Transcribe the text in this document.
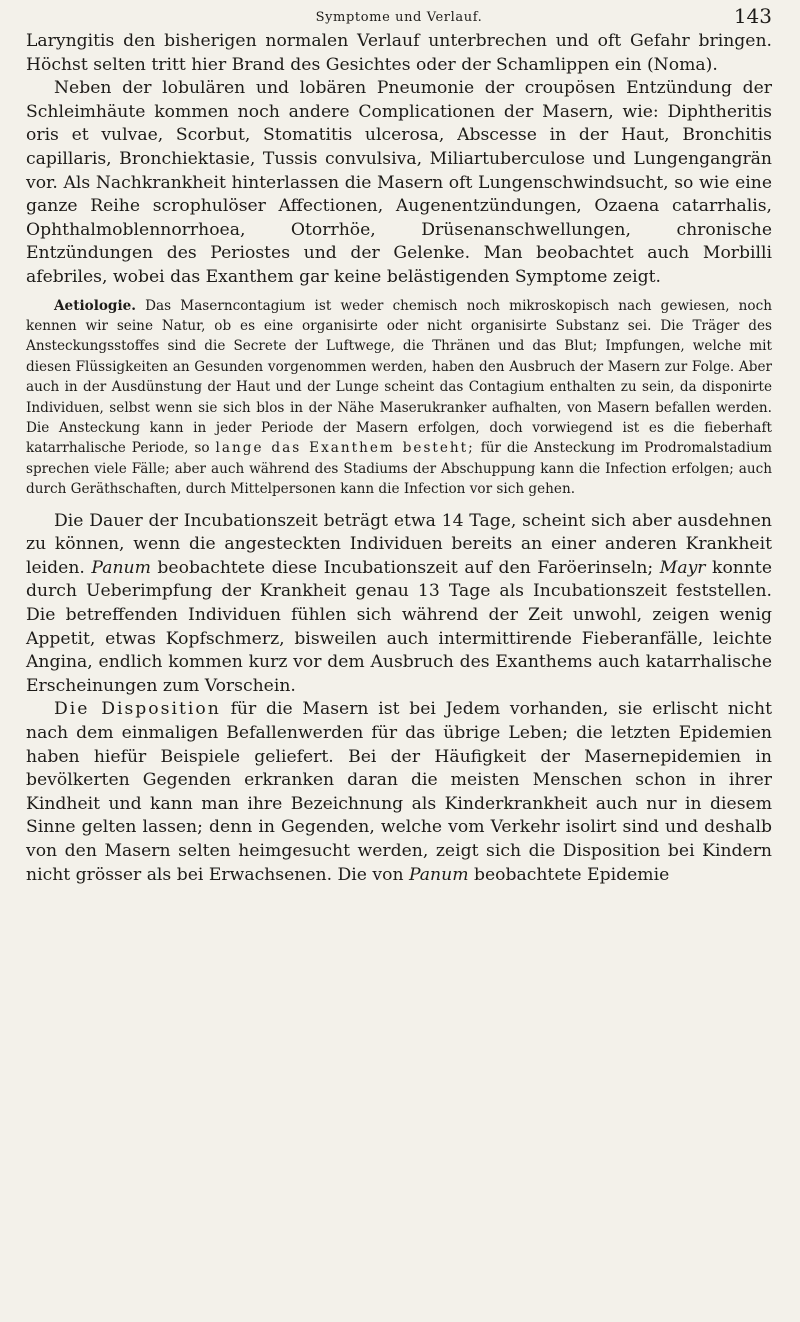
Symptome und Verlauf.	143

Laryngitis den bisherigen normalen Verlauf unterbrechen und oft Gefahr bringen. Höchst selten tritt hier Brand des Gesichtes oder der Schamlippen ein (Noma).

Neben der lobulären und lobären Pneumonie der croupösen Entzündung der Schleimhäute kommen noch andere Complicationen der Masern, wie: Diphtheritis oris et vulvae, Scorbut, Stomatitis ulcerosa, Abscesse in der Haut, Bronchitis capillaris, Bronchiektasie, Tussis convulsiva, Miliartuberculose und Lungengangrän vor. Als Nachkrankheit hinterlassen die Masern oft Lungenschwindsucht, so wie eine ganze Reihe scrophulöser Affectionen, Augenentzündungen, Ozaena catarrhalis, Ophthalmoblennorrhoea, Otorrhöe, Drüsenanschwellungen, chronische Entzündungen des Periostes und der Gelenke. Man beobachtet auch Morbilli afebriles, wobei das Exanthem gar keine belästigenden Symptome zeigt.

Aetiologie. Das Maserncontagium ist weder chemisch noch mikroskopisch nach gewiesen, noch kennen wir seine Natur, ob es eine organisirte oder nicht organisirte Substanz sei. Die Träger des Ansteckungsstoffes sind die Secrete der Luftwege, die Thränen und das Blut; Impfungen, welche mit diesen Flüssigkeiten an Gesunden vorgenommen werden, haben den Ausbruch der Masern zur Folge. Aber auch in der Ausdünstung der Haut und der Lunge scheint das Contagium enthalten zu sein, da disponirte Individuen, selbst wenn sie sich blos in der Nähe Maserukranker aufhalten, von Masern befallen werden. Die Ansteckung kann in jeder Periode der Masern erfolgen, doch vorwiegend ist es die fieberhaft katarrhalische Periode, so lange das Exanthem besteht; für die Ansteckung im Prodromalstadium sprechen viele Fälle; aber auch während des Stadiums der Abschuppung kann die Infection erfolgen; auch durch Geräthschaften, durch Mittelpersonen kann die Infection vor sich gehen.

Die Dauer der Incubationszeit beträgt etwa 14 Tage, scheint sich aber ausdehnen zu können, wenn die angesteckten Individuen bereits an einer anderen Krankheit leiden. Panum beobachtete diese Incubationszeit auf den Faröerinseln; Mayr konnte durch Ueberimpfung der Krankheit genau 13 Tage als Incubationszeit feststellen. Die betreffenden Individuen fühlen sich während der Zeit unwohl, zeigen wenig Appetit, etwas Kopfschmerz, bisweilen auch intermittirende Fieberanfälle, leichte Angina, endlich kommen kurz vor dem Ausbruch des Exanthems auch katarrhalische Erscheinungen zum Vorschein.

Die Disposition für die Masern ist bei Jedem vorhanden, sie erlischt nicht nach dem einmaligen Befallenwerden für das übrige Leben; die letzten Epidemien haben hiefür Beispiele geliefert. Bei der Häufigkeit der Masernepidemien in bevölkerten Gegenden erkranken daran die meisten Menschen schon in ihrer Kindheit und kann man ihre Bezeichnung als Kinderkrankheit auch nur in diesem Sinne gelten lassen; denn in Gegenden, welche vom Verkehr isolirt sind und deshalb von den Masern selten heimgesucht werden, zeigt sich die Disposition bei Kindern nicht grösser als bei Erwachsenen. Die von Panum beobachtete Epidemie
